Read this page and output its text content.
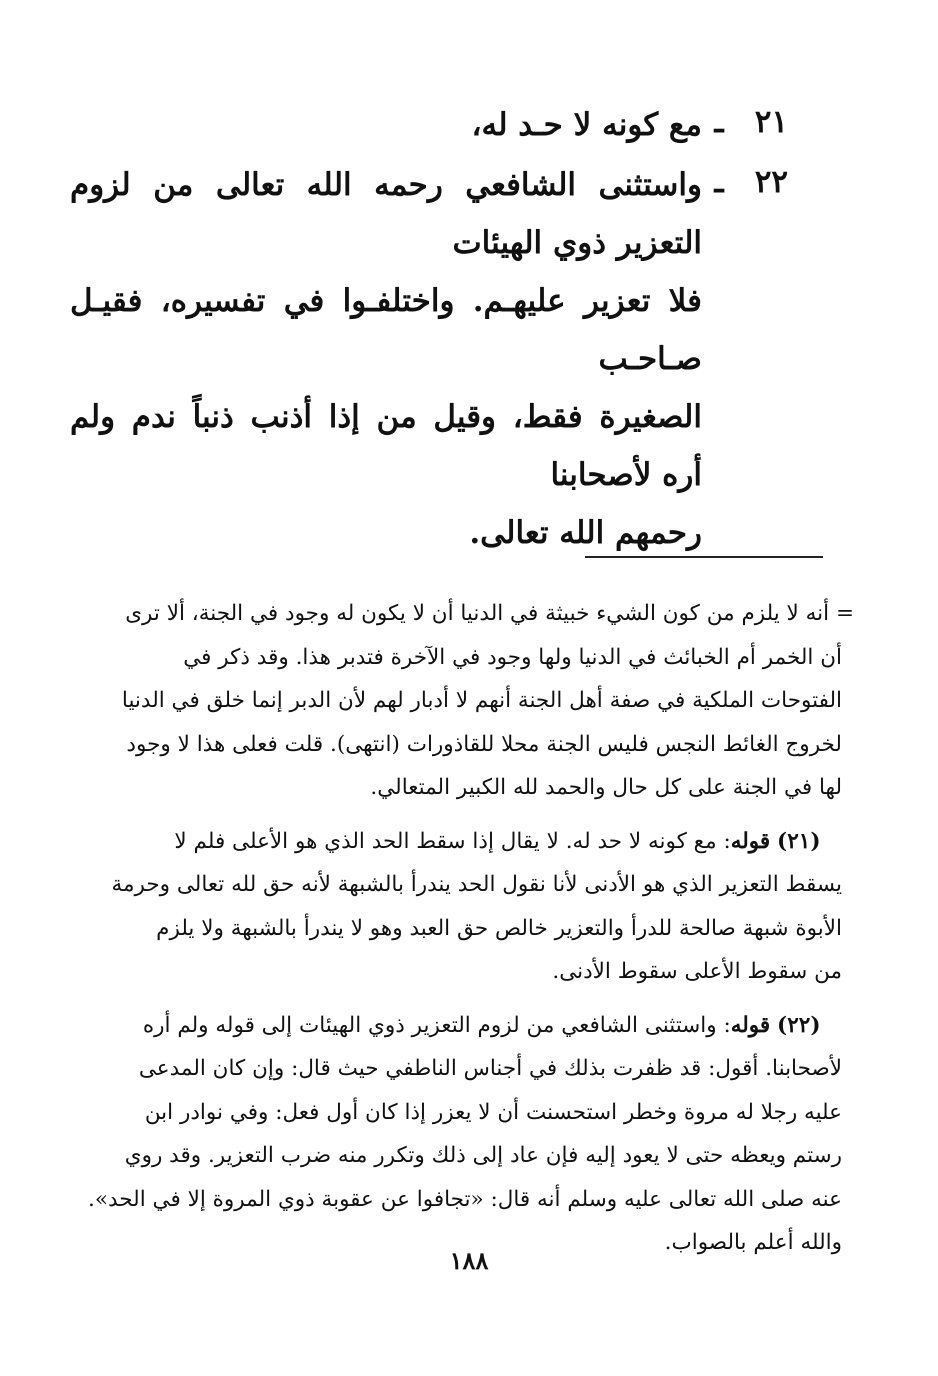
٢١
ـ
مع كونه لا حـد له،
٢٢
ـ
واستثنى الشافعي رحمه الله تعالى من لزوم التعزير ذوي الهيئات
فلا تعزير عليهـم. واختلفـوا في تفسيره، فقيـل صـاحـب
الصغيرة فقط، وقيل من إذا أذنب ذنباً ندم ولم أره لأصحابنا
رحمهم الله تعالى.
= أنه لا يلزم من كون الشيء خبيثة في الدنيا أن لا يكون له وجود في الجنة، ألا ترى
أن الخمر أم الخبائث في الدنيا ولها وجود في الآخرة فتدبر هذا. وقد ذكر في
الفتوحات الملكية في صفة أهل الجنة أنهم لا أدبار لهم لأن الدبر إنما خلق في الدنيا
لخروج الغائط النجس فليس الجنة محلا للقاذورات (انتهى). قلت فعلى هذا لا وجود
لها في الجنة على كل حال والحمد لله الكبير المتعالي.
 (٢١) قوله: مع كونه لا حد له. لا يقال إذا سقط الحد الذي هو الأعلى فلم لا
يسقط التعزير الذي هو الأدنى لأنا نقول الحد يندرأ بالشبهة لأنه حق لله تعالى وحرمة
الأبوة شبهة صالحة للدرأ والتعزير خالص حق العبد وهو لا يندرأ بالشبهة ولا يلزم
من سقوط الأعلى سقوط الأدنى.
 (٢٢) قوله: واستثنى الشافعي من لزوم التعزير ذوي الهيئات إلى قوله ولم أره
لأصحابنا. أقول: قد ظفرت بذلك في أجناس الناطفي حيث قال: وإن كان المدعى
عليه رجلا له مروة وخطر استحسنت أن لا يعزر إذا كان أول فعل: وفي نوادر ابن
رستم ويعظه حتى لا يعود إليه فإن عاد إلى ذلك وتكرر منه ضرب التعزير. وقد روي
عنه صلى الله تعالى عليه وسلم أنه قال: «تجافوا عن عقوبة ذوي المروة إلا في الحد».
والله أعلم بالصواب.
١٨٨
